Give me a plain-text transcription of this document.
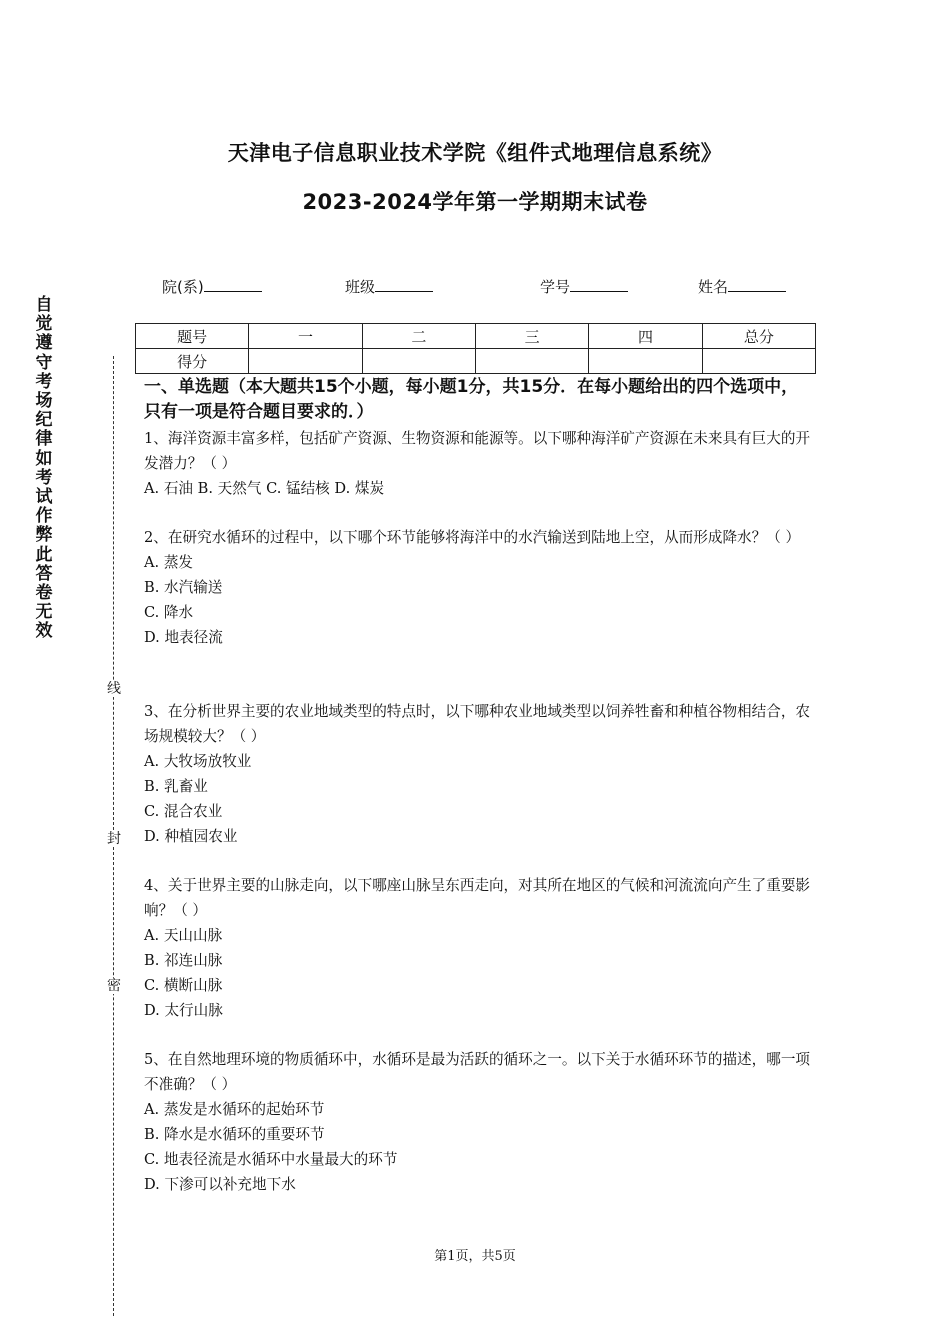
天津电子信息职业技术学院《组件式地理信息系统》
2023-2024学年第一学期期末试卷
院(系)	班级	学号	姓名
题号	一	二	三	四	总分
得分					
自
觉
遵
守
考
场
纪
律
如
考
试
作
弊
此
答
卷
无
效
线
封
密
一、单选题（本大题共15个小题，每小题1分，共15分．在每小题给出的四个选项中，只有一项是符合题目要求的．）

1、海洋资源丰富多样，包括矿产资源、生物资源和能源等。以下哪种海洋矿产资源在未来具有巨大的开发潜力？（ ）

A. 石油 B. 天然气 C. 锰结核 D. 煤炭

2、在研究水循环的过程中，以下哪个环节能够将海洋中的水汽输送到陆地上空，从而形成降水？（ ）

A. 蒸发

B. 水汽输送

C. 降水

D. 地表径流

3、在分析世界主要的农业地域类型的特点时，以下哪种农业地域类型以饲养牲畜和种植谷物相结合，农场规模较大？（ ）

A. 大牧场放牧业

B. 乳畜业

C. 混合农业

D. 种植园农业

4、关于世界主要的山脉走向，以下哪座山脉呈东西走向，对其所在地区的气候和河流流向产生了重要影响？（ ）

A. 天山山脉

B. 祁连山脉

C. 横断山脉

D. 太行山脉

5、在自然地理环境的物质循环中，水循环是最为活跃的循环之一。以下关于水循环环节的描述，哪一项不准确？（ ）

A. 蒸发是水循环的起始环节

B. 降水是水循环的重要环节

C. 地表径流是水循环中水量最大的环节

D. 下渗可以补充地下水

第1页，共5页
